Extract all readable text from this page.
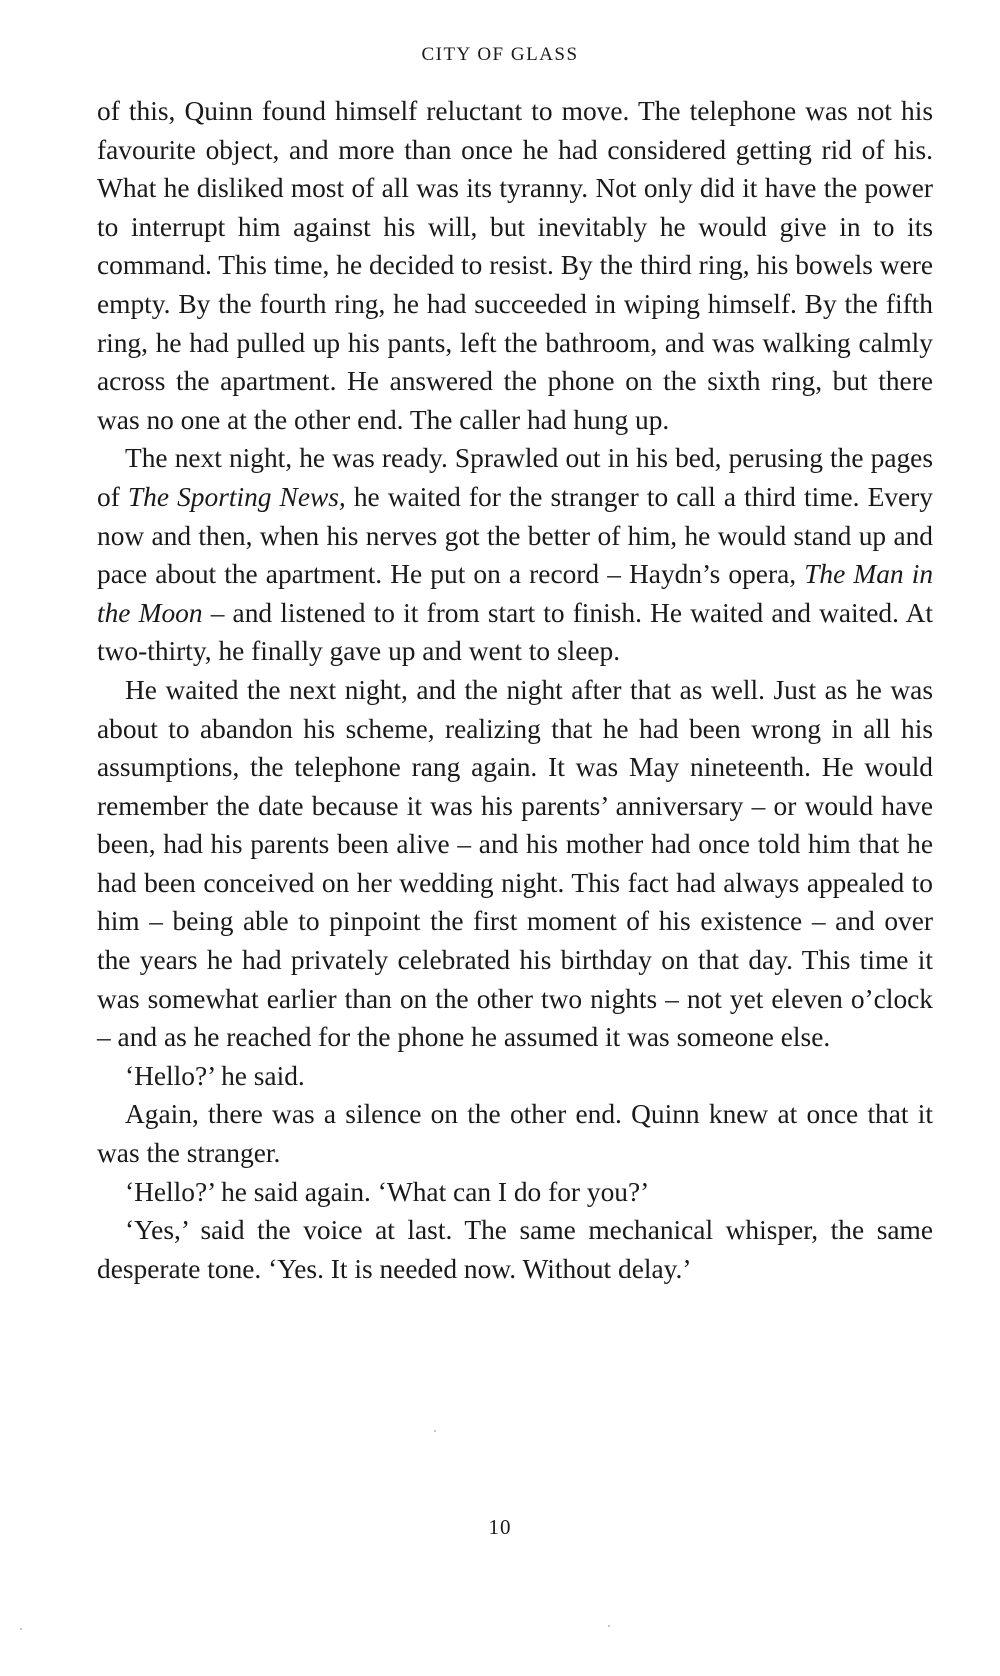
CITY OF GLASS

of this, Quinn found himself reluctant to move. The telephone was not his favourite object, and more than once he had considered getting rid of his. What he disliked most of all was its tyranny. Not only did it have the power to interrupt him against his will, but inevitably he would give in to its command. This time, he decided to resist. By the third ring, his bowels were empty. By the fourth ring, he had succeeded in wiping himself. By the fifth ring, he had pulled up his pants, left the bathroom, and was walking calmly across the apartment. He answered the phone on the sixth ring, but there was no one at the other end. The caller had hung up.

The next night, he was ready. Sprawled out in his bed, perusing the pages of The Sporting News, he waited for the stranger to call a third time. Every now and then, when his nerves got the better of him, he would stand up and pace about the apartment. He put on a record – Haydn’s opera, The Man in the Moon – and listened to it from start to finish. He waited and waited. At two-thirty, he finally gave up and went to sleep.

He waited the next night, and the night after that as well. Just as he was about to abandon his scheme, realizing that he had been wrong in all his assumptions, the telephone rang again. It was May nineteenth. He would remember the date because it was his parents’ anniversary – or would have been, had his parents been alive – and his mother had once told him that he had been conceived on her wedding night. This fact had always appealed to him – being able to pinpoint the first moment of his existence – and over the years he had privately celebrated his birthday on that day. This time it was somewhat earlier than on the other two nights – not yet eleven o’clock – and as he reached for the phone he assumed it was someone else.

‘Hello?’ he said.

Again, there was a silence on the other end. Quinn knew at once that it was the stranger.

‘Hello?’ he said again. ‘What can I do for you?’

‘Yes,’ said the voice at last. The same mechanical whisper, the same desperate tone. ‘Yes. It is needed now. Without delay.’

10
